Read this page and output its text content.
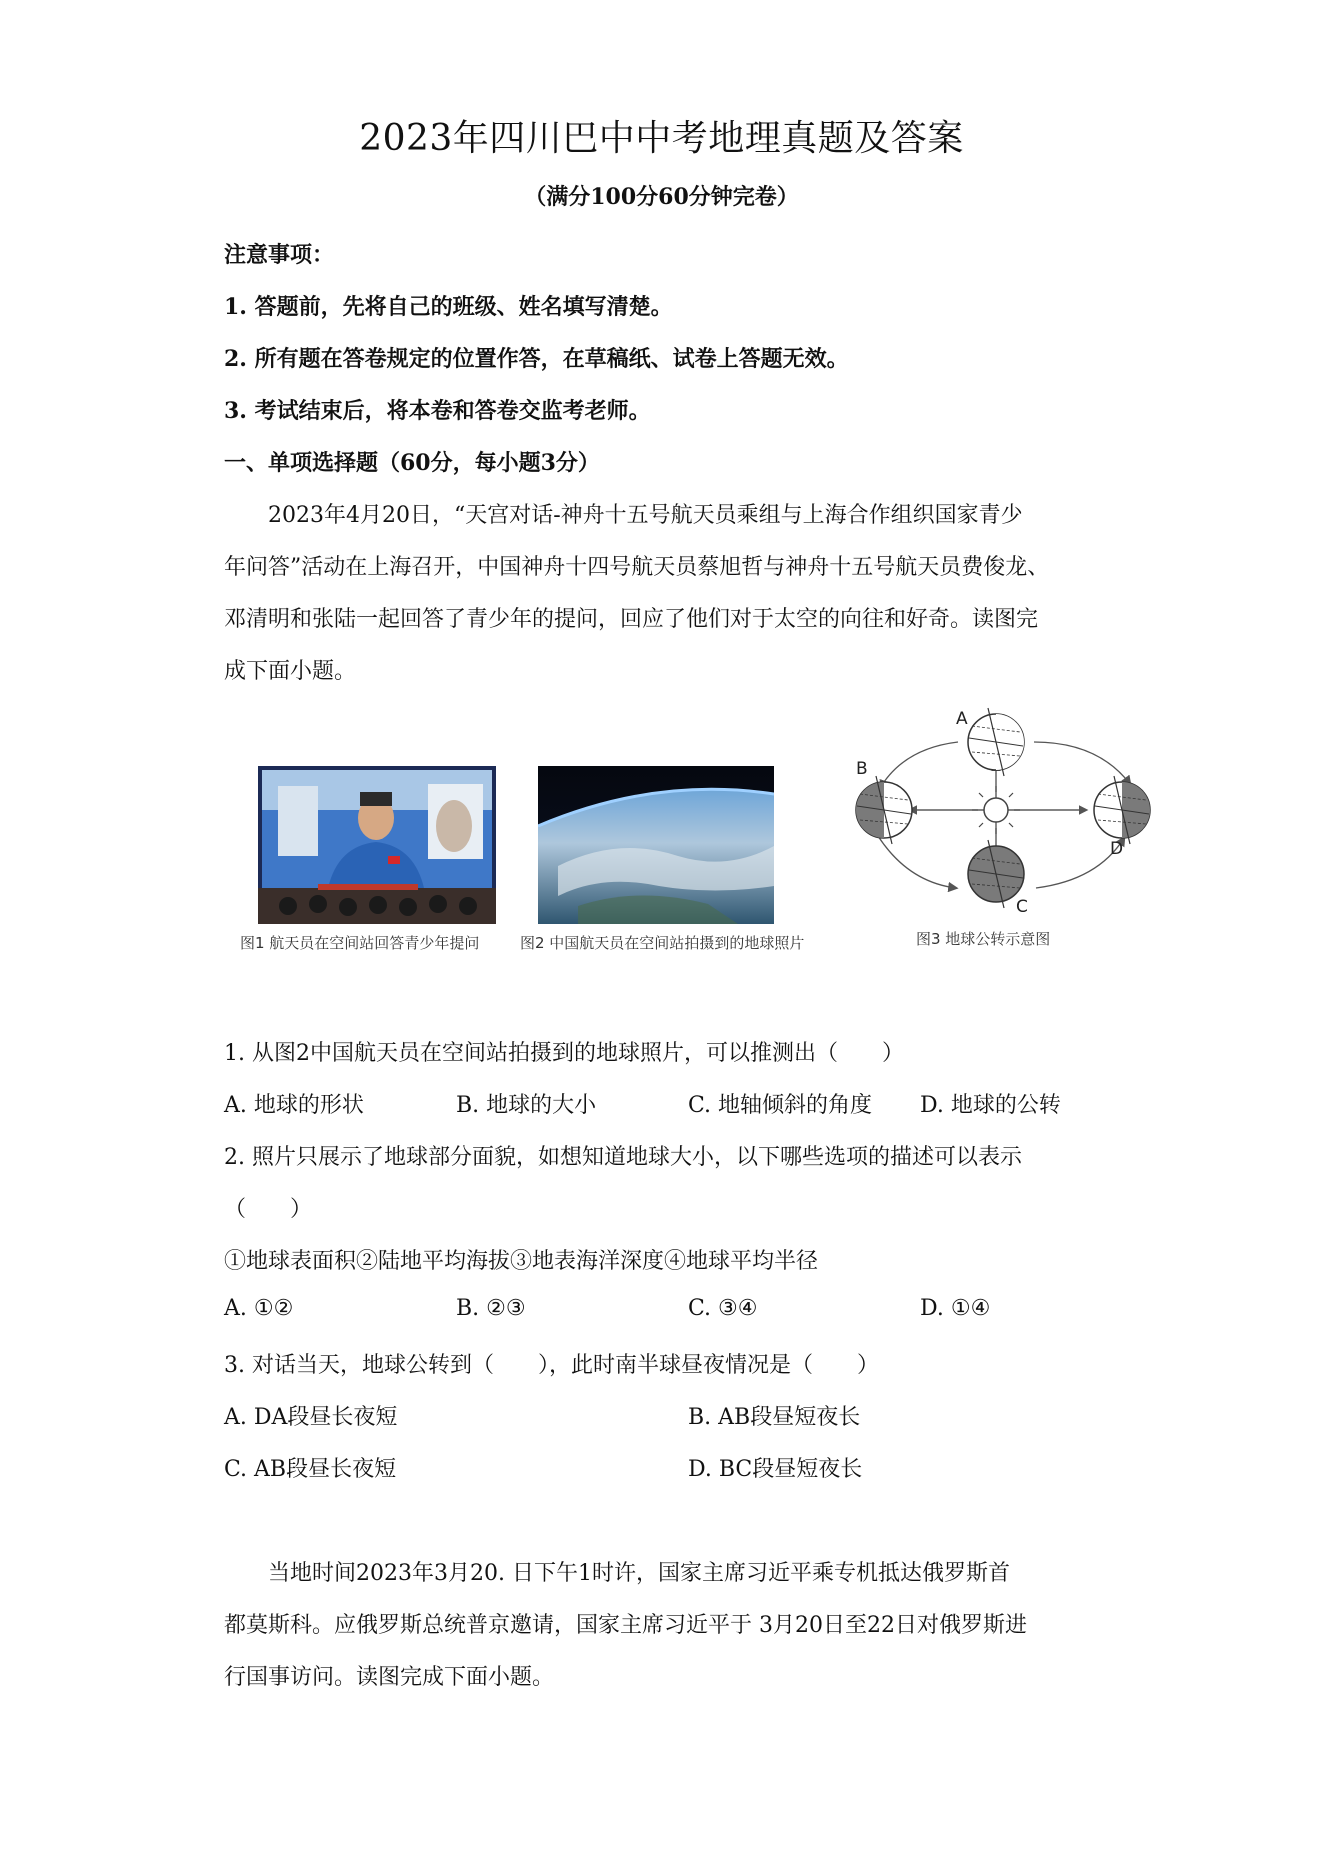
2023年四川巴中中考地理真题及答案
（满分100分60分钟完卷）
注意事项：
1. 答题前，先将自己的班级、姓名填写清楚。
2. 所有题在答卷规定的位置作答，在草稿纸、试卷上答题无效。
3. 考试结束后，将本卷和答卷交监考老师。
一、单项选择题（60分，每小题3分）
2023年4月20日，“天宫对话-神舟十五号航天员乘组与上海合作组织国家青少
年问答”活动在上海召开，中国神舟十四号航天员蔡旭哲与神舟十五号航天员费俊龙、
邓清明和张陆一起回答了青少年的提问，回应了他们对于太空的向往和好奇。读图完
成下面小题。
图1 航天员在空间站回答青少年提问	图2 中国航天员在空间站拍摄到的地球照片
A
B
C
D
图3 地球公转示意图
1. 从图2中国航天员在空间站拍摄到的地球照片，可以推测出（　　）
A. 地球的形状	B. 地球的大小	C. 地轴倾斜的角度 D. 地球的公转
2. 照片只展示了地球部分面貌，如想知道地球大小，以下哪些选项的描述可以表示
（　　）
①地球表面积②陆地平均海拔③地表海洋深度④地球平均半径
A. ①②	B. ②③	C. ③④	D. ①④
3. 对话当天，地球公转到（　　），此时南半球昼夜情况是（　　）
A. DA段昼长夜短	B. AB段昼短夜长
C. AB段昼长夜短	D. BC段昼短夜长
当地时间2023年3月20. 日下午1时许，国家主席习近平乘专机抵达俄罗斯首
都莫斯科。应俄罗斯总统普京邀请，国家主席习近平于 3月20日至22日对俄罗斯进
行国事访问。读图完成下面小题。
